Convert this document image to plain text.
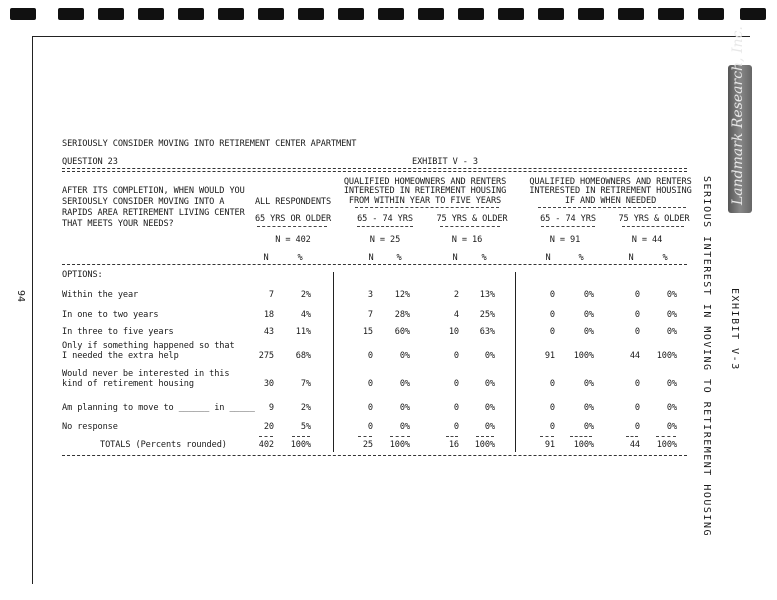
Landmark Research, Inc.
SERIOUS INTEREST IN MOVING TO RETIREMENT HOUSING EXHIBIT V-3
94
SERIOUSLY CONSIDER MOVING INTO RETIREMENT CENTER APARTMENT
QUESTION 23	EXHIBIT V - 3
AFTER ITS COMPLETION, WHEN WOULD YOU
SERIOUSLY CONSIDER MOVING INTO A
RAPIDS AREA RETIREMENT LIVING CENTER
THAT MEETS YOUR NEEDS?
ALL RESPONDENTS
65 YRS OR OLDER
N = 402
QUALIFIED HOMEOWNERS AND RENTERS
INTERESTED IN RETIREMENT HOUSING
FROM WITHIN YEAR TO FIVE YEARS
65 - 74 YRS	75 YRS & OLDER
N = 25	N = 16
QUALIFIED HOMEOWNERS AND RENTERS
INTERESTED IN RETIREMENT HOUSING
IF AND WHEN NEEDED
65 - 74 YRS	75 YRS & OLDER
N = 91	N = 44
N	%	N	%	N	%	N	%	N	%
OPTIONS:
Within the year	7	2%	3	12%	2	13%	0	0%	0	0%
In one to two years	18	4%	7	28%	4	25%	0	0%	0	0%
In three to five years	43	11%	15	60%	10	63%	0	0%	0	0%
Only if something happened so that
I needed the extra help	275	68%	0	0%	0	0%	91	100%	44	100%
Would never be interested in this
kind of retirement housing	30	7%	0	0%	0	0%	0	0%	0	0%
Am planning to move to ______ in _____	9	2%	0	0%	0	0%	0	0%	0	0%
No response	20	5%	0	0%	0	0%	0	0%	0	0%
TOTALS (Percents rounded)	402	100%	25	100%	16	100%	91	100%	44	100%
